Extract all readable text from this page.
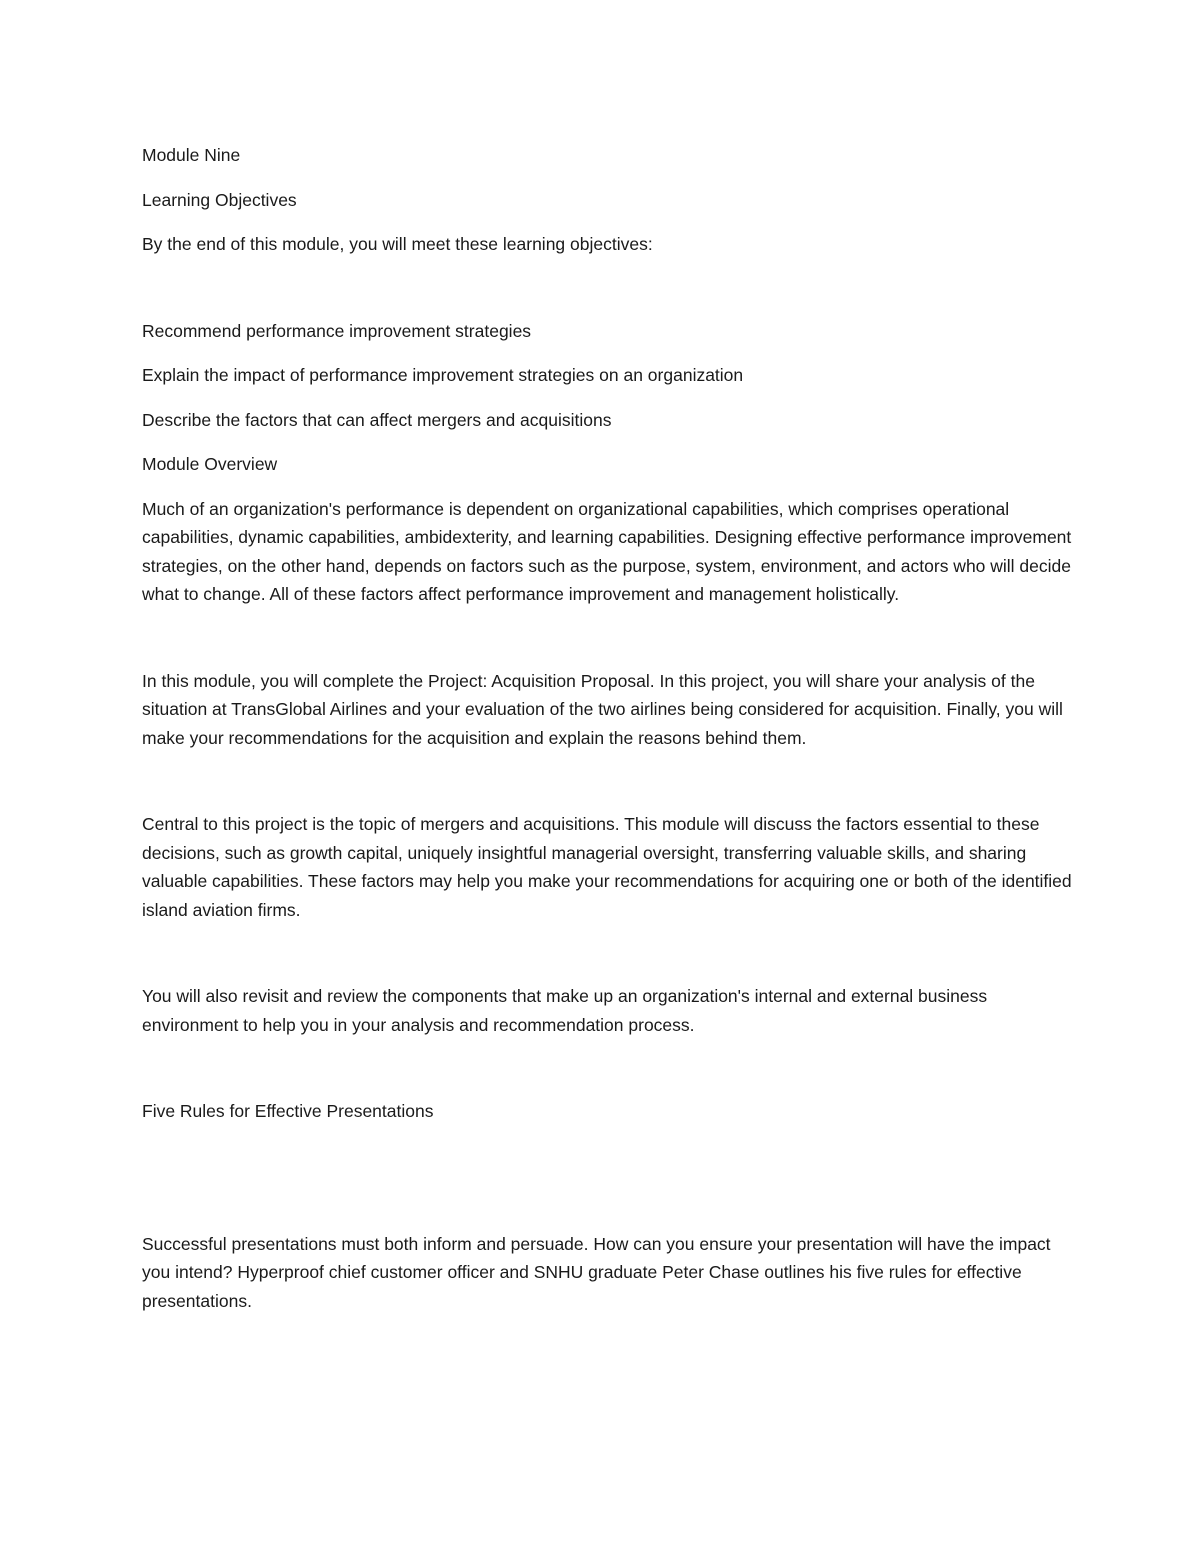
Module Nine

Learning Objectives

By the end of this module, you will meet these learning objectives:

Recommend performance improvement strategies

Explain the impact of performance improvement strategies on an organization

Describe the factors that can affect mergers and acquisitions

Module Overview

Much of an organization's performance is dependent on organizational capabilities, which comprises operational capabilities, dynamic capabilities, ambidexterity, and learning capabilities. Designing effective performance improvement strategies, on the other hand, depends on factors such as the purpose, system, environment, and actors who will decide what to change. All of these factors affect performance improvement and management holistically.

In this module, you will complete the Project: Acquisition Proposal. In this project, you will share your analysis of the situation at TransGlobal Airlines and your evaluation of the two airlines being considered for acquisition. Finally, you will make your recommendations for the acquisition and explain the reasons behind them.

Central to this project is the topic of mergers and acquisitions. This module will discuss the factors essential to these decisions, such as growth capital, uniquely insightful managerial oversight, transferring valuable skills, and sharing valuable capabilities. These factors may help you make your recommendations for acquiring one or both of the identified island aviation firms.

You will also revisit and review the components that make up an organization's internal and external business environment to help you in your analysis and recommendation process.

Five Rules for Effective Presentations

Successful presentations must both inform and persuade. How can you ensure your presentation will have the impact you intend? Hyperproof chief customer officer and SNHU graduate Peter Chase outlines his five rules for effective presentations.
